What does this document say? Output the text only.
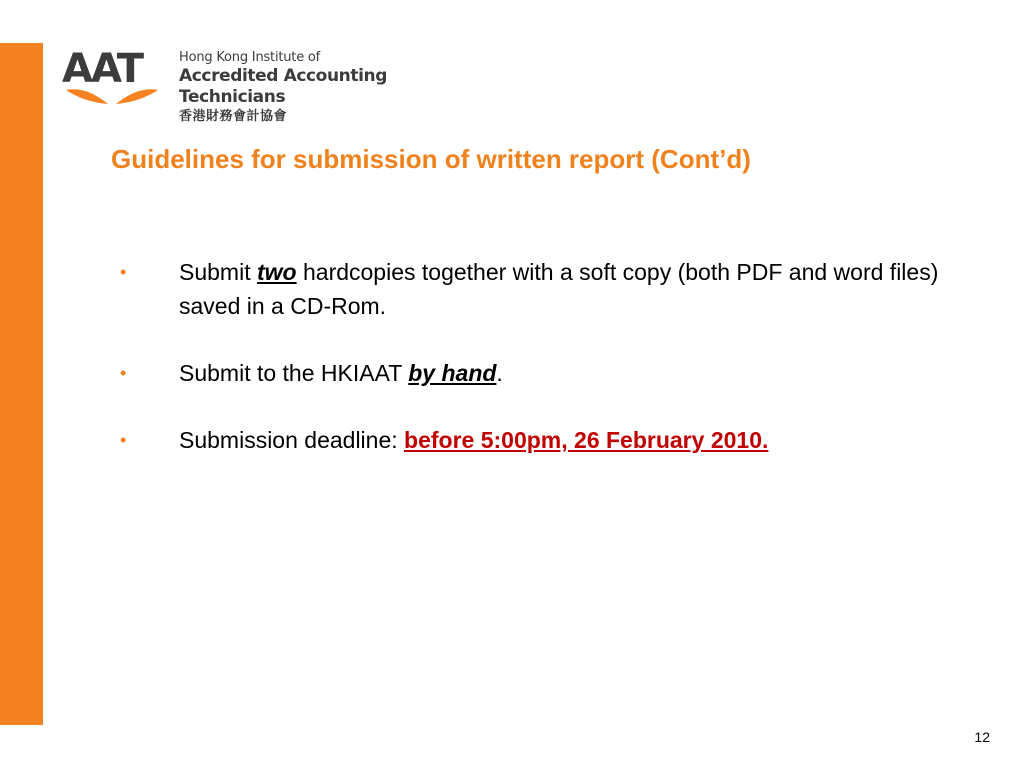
AAT	Hong Kong Institute of
Accredited Accounting Technicians
香港財務會計協會
Guidelines for submission of written report (Cont’d)
• Submit two hardcopies together with a soft copy (both PDF and word files) saved in a CD-Rom.
• Submit to the HKIAAT by hand.
• Submission deadline: before 5:00pm, 26 February 2010.
12
